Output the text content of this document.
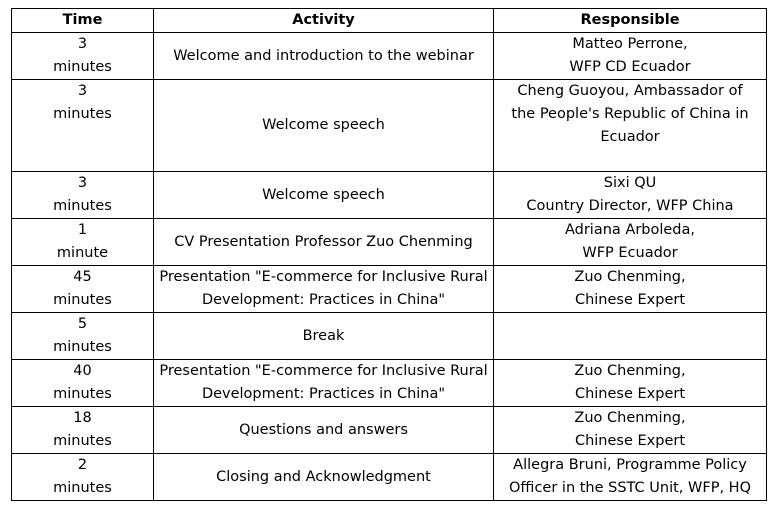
Time	Activity	Responsible

3
minutes	Welcome and introduction to the webinar	Matteo Perrone,
WFP CD Ecuador

3
minutes	Welcome speech	Cheng Guoyou, Ambassador of
the People's Republic of China in
Ecuador

3
minutes	Welcome speech	Sixi QU
Country Director, WFP China

1
minute	CV Presentation Professor Zuo Chenming	Adriana Arboleda,
WFP Ecuador

45
minutes	Presentation "E-commerce for Inclusive Rural Development: Practices in China"	Zuo Chenming,
Chinese Expert

5
minutes	Break	

40
minutes	Presentation "E-commerce for Inclusive Rural Development: Practices in China"	Zuo Chenming,
Chinese Expert

18
minutes	Questions and answers	Zuo Chenming,
Chinese Expert

2
minutes	Closing and Acknowledgment	Allegra Bruni, Programme Policy
Officer in the SSTC Unit, WFP, HQ
